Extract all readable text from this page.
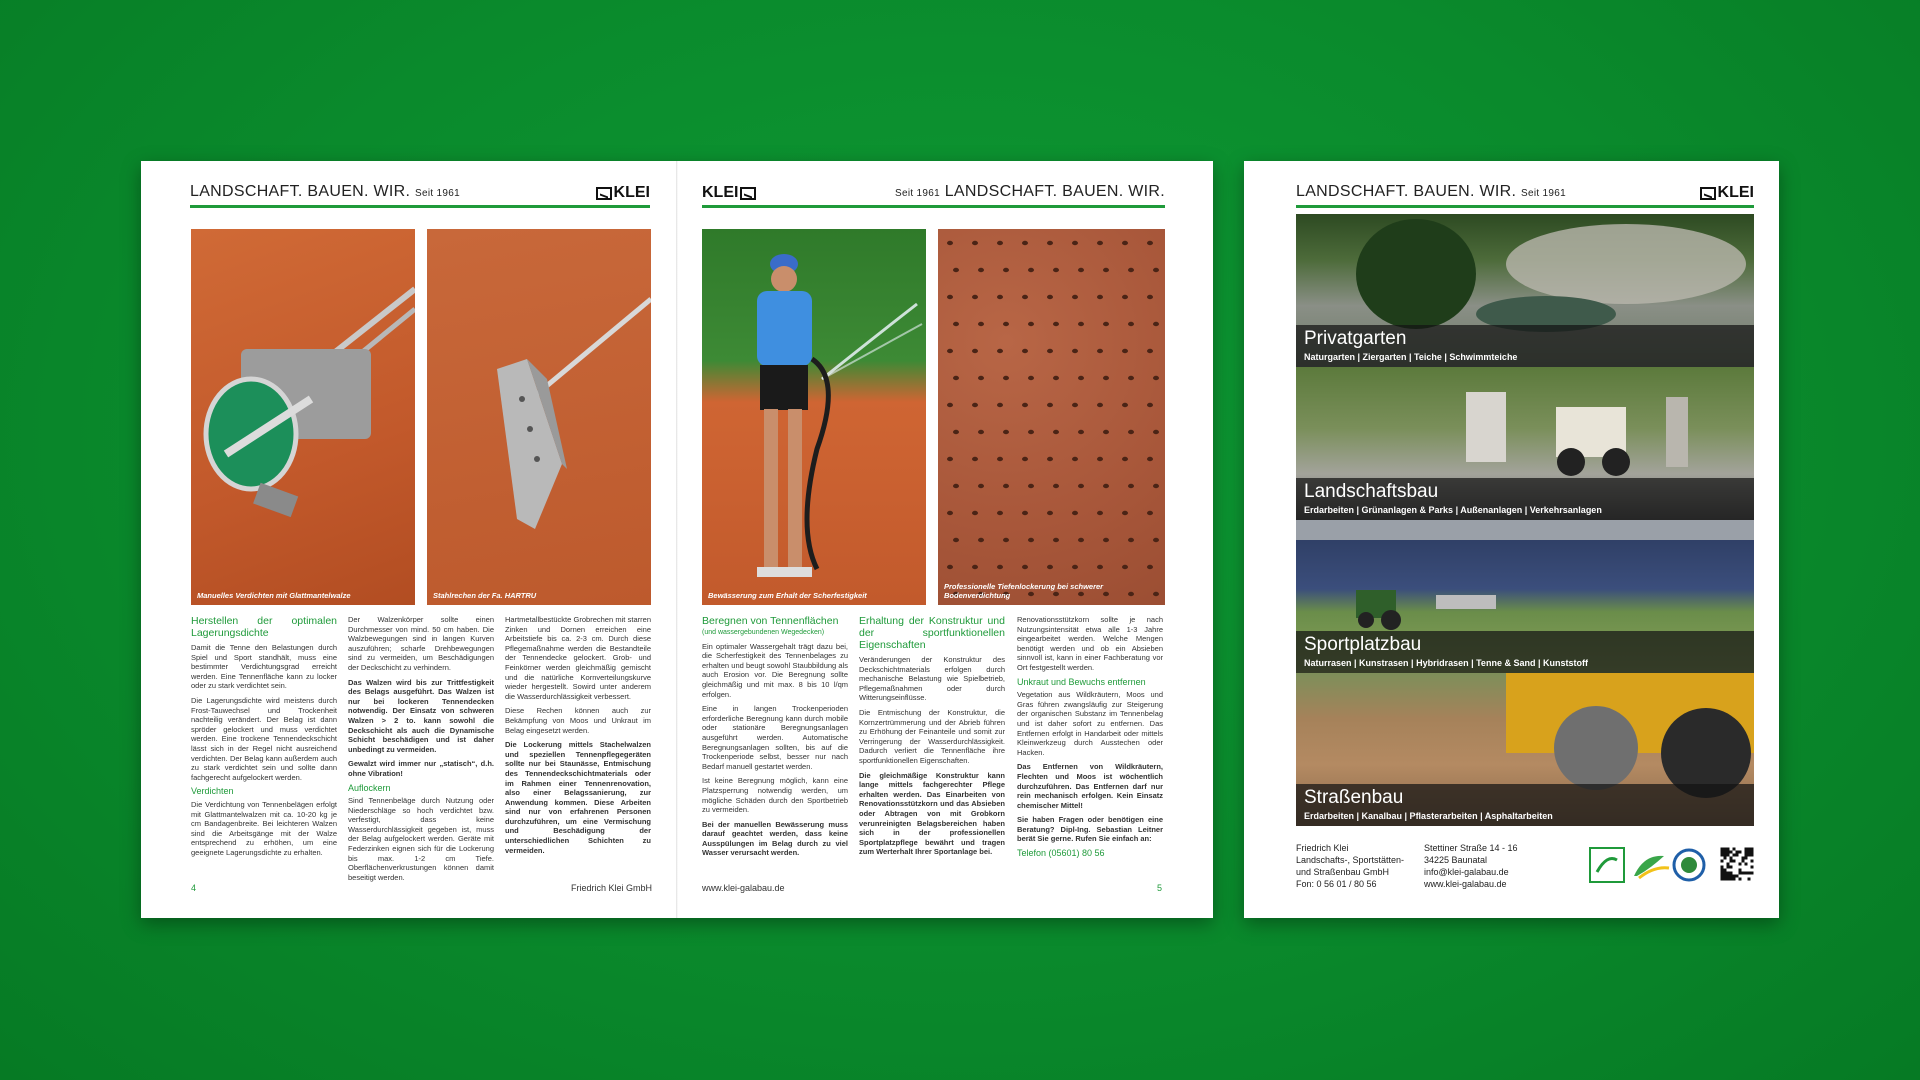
LANDSCHAFT. BAUEN. WIR. Seit 1961	KLEI	KLEI	Seit 1961 LANDSCHAFT. BAUEN. WIR.
Manuelles Verdichten mit Glattmantelwalze	Stahlrechen der Fa. HARTRU	Bewässerung zum Erhalt der Scherfestigkeit
Professionelle Tiefenlockerung bei schwerer Bodenverdichtung
Herstellen der optimalen Lagerungsdichte

Damit die Tenne den Belastungen durch Spiel und Sport standhält, muss eine bestimmter Verdichtungsgrad erreicht werden. Eine Tennenfläche kann zu locker oder zu stark verdichtet sein.

Die Lagerungsdichte wird meistens durch Frost-Tauwechsel und Trockenheit nachteilig verändert. Der Belag ist dann spröder gelockert und muss verdichtet werden. Eine trockene Tennendeckschicht lässt sich in der Regel nicht ausreichend verdichten. Der Belag kann außerdem auch zu stark verdichtet sein und sollte dann fachgerecht aufgelockert werden.

Verdichten

Die Verdichtung von Tennenbelägen erfolgt mit Glattmantelwalzen mit ca. 10-20 kg je cm Bandagenbreite. Bei leichteren Walzen sind die Arbeitsgänge mit der Walze entsprechend zu erhöhen, um eine geeignete Lagerungsdichte zu erhalten.

Der Walzenkörper sollte einen Durchmesser von mind. 50 cm haben. Die Walzbewegungen sind in langen Kurven auszuführen; scharfe Drehbewegungen sind zu vermeiden, um Beschädigungen der Deckschicht zu verhindern.

Das Walzen wird bis zur Trittfestigkeit des Belags ausgeführt. Das Walzen ist nur bei lockeren Tennendecken notwendig. Der Einsatz von schweren Walzen > 2 to. kann sowohl die Deckschicht als auch die Dynamische Schicht beschädigen und ist daher unbedingt zu vermeiden.

Gewalzt wird immer nur „statisch“, d.h. ohne Vibration!

Auflockern

Sind Tennenbeläge durch Nutzung oder Niederschläge so hoch verdichtet bzw. verfestigt, dass keine Wasserdurchlässigkeit gegeben ist, muss der Belag aufgelockert werden. Geräte mit Federzinken eignen sich für die Lockerung bis max. 1-2 cm Tiefe. Oberflächenverkrustungen können damit beseitigt werden.

Hartmetallbestückte Grobrechen mit starren Zinken und Dornen erreichen eine Arbeitstiefe bis ca. 2-3 cm. Durch diese Pflegemaßnahme werden die Bestandteile der Tennendecke gelockert. Grob- und Feinkörner werden gleichmäßig gemischt und die natürliche Kornverteilungskurve wieder hergestellt. Sowird unter anderem die Wasserdurchlässigkeit verbessert.

Diese Rechen können auch zur Bekämpfung von Moos und Unkraut im Belag eingesetzt werden.

Die Lockerung mittels Stachelwalzen und speziellen Tennenpflegegeräten sollte nur bei Staunässe, Entmischung des Tennendeckschichtmaterials oder im Rahmen einer Tennenrenovation, also einer Belagssanierung, zur Anwendung kommen. Diese Arbeiten sind nur von erfahrenen Personen durchzuführen, um eine Vermischung und Beschädigung der unterschiedlichen Schichten zu vermeiden.

Beregnen von Tennenflächen
(und wassergebundenen Wegedecken)

Ein optimaler Wassergehalt trägt dazu bei, die Scherfestigkeit des Tennenbelages zu erhalten und beugt sowohl Staubbildung als auch Erosion vor. Die Beregnung sollte gleichmäßig und mit max. 8 bis 10 l/qm erfolgen.

Eine in langen Trockenperioden erforderliche Beregnung kann durch mobile oder stationäre Beregnungsanlagen ausgeführt werden. Automatische Beregnungsanlagen sollten, bis auf die Trockenperiode selbst, besser nur nach Bedarf manuell gestartet werden.

Ist keine Beregnung möglich, kann eine Platzsperrung notwendig werden, um mögliche Schäden durch den Sportbetrieb zu vermeiden.

Bei der manuellen Bewässerung muss darauf geachtet werden, dass keine Ausspülungen im Belag durch zu viel Wasser verursacht werden.

Erhaltung der Konstruktur und der sportfunktionellen Eigenschaften

Veränderungen der Konstruktur des Deckschichtmaterials erfolgen durch mechanische Belastung wie Spielbetrieb, Pflegemaßnahmen oder durch Witterungseinflüsse.

Die Entmischung der Konstruktur, die Kornzertrümmerung und der Abrieb führen zu Erhöhung der Feinanteile und somit zur Verringerung der Wasserdurchlässigkeit. Dadurch verliert die Tennenfläche ihre sportfunktionellen Eigenschaften.

Die gleichmäßige Konstruktur kann lange mittels fachgerechter Pflege erhalten werden. Das Einarbeiten von Renovationsstützkorn und das Absieben oder Abtragen von mit Grobkorn verunreinigten Belagsbereichen haben sich in der professionellen Sportplatzpflege bewährt und tragen zum Werterhalt Ihrer Sportanlage bei.

Renovationsstützkorn sollte je nach Nutzungsintensität etwa alle 1-3 Jahre eingearbeitet werden. Welche Mengen benötigt werden und ob ein Absieben sinnvoll ist, kann in einer Fachberatung vor Ort festgestellt werden.

Unkraut und Bewuchs entfernen

Vegetation aus Wildkräutern, Moos und Gras führen zwangsläufig zur Steigerung der organischen Substanz im Tennenbelag und ist daher sofort zu entfernen. Das Entfernen erfolgt in Handarbeit oder mittels Kleinwerkzeug durch Ausstechen oder Hacken.

Das Entfernen von Wildkräutern, Flechten und Moos ist wöchentlich durchzuführen. Das Entfernen darf nur rein mechanisch erfolgen. Kein Einsatz chemischer Mittel!

Sie haben Fragen oder benötigen eine Beratung? Dipl-Ing. Sebastian Leitner berät Sie gerne. Rufen Sie einfach an:

Telefon (05601) 80 56
4	Friedrich Klei GmbH	www.klei-galabau.de	5
LANDSCHAFT. BAUEN. WIR. Seit 1961	KLEI
Privatgarten
Naturgarten | Ziergarten | Teiche | Schwimmteiche
Landschaftsbau
Erdarbeiten | Grünanlagen & Parks | Außenanlagen | Verkehrsanlagen
Sportplatzbau
Naturrasen | Kunstrasen | Hybridrasen | Tenne & Sand | Kunststoff
Straßenbau
Erdarbeiten | Kanalbau | Pflasterarbeiten | Asphaltarbeiten
Friedrich Klei
Landschafts-, Sportstätten-
und Straßenbau GmbH
Fon: 0 56 01 / 80 56
Stettiner Straße 14 - 16
34225 Baunatal
info@klei-galabau.de
www.klei-galabau.de
